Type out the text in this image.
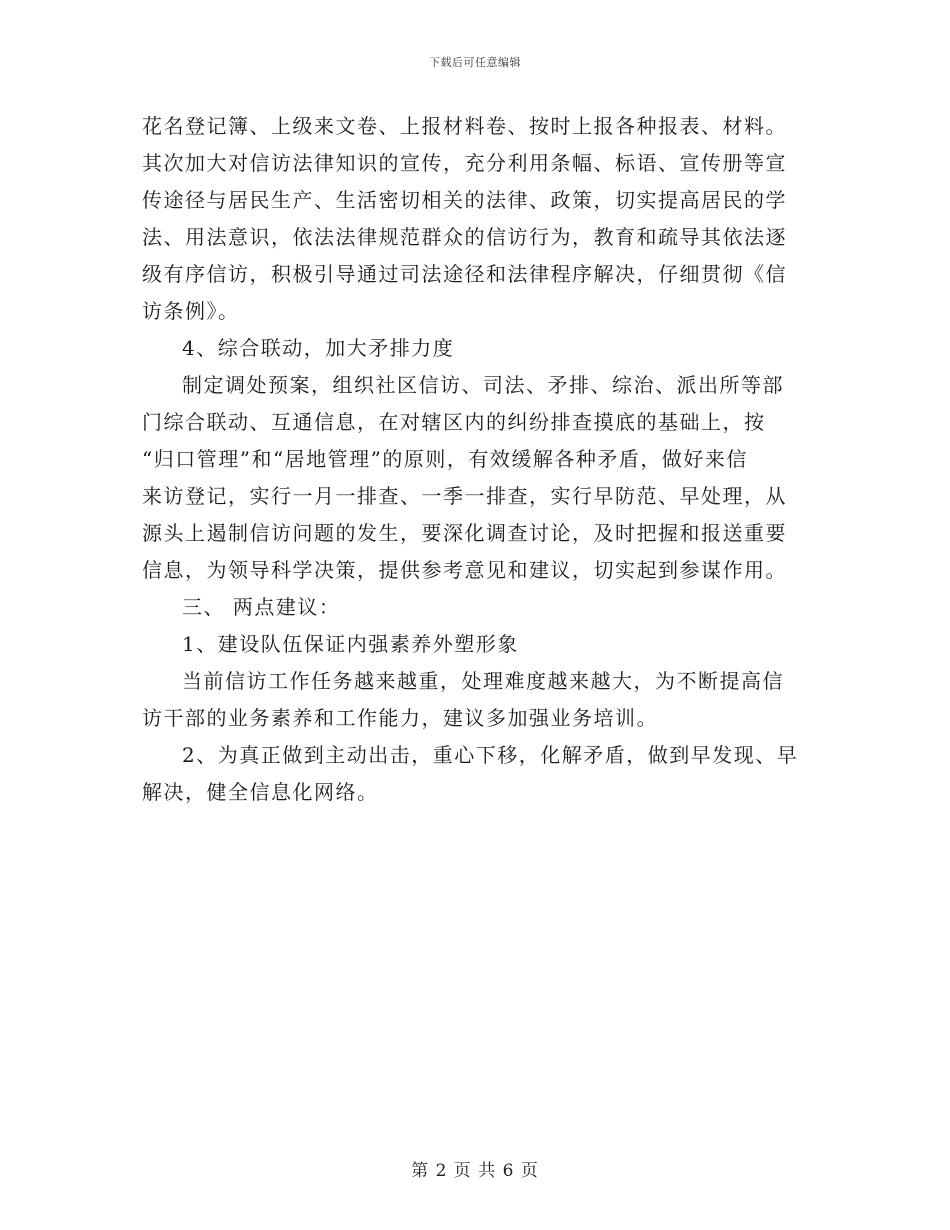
下载后可任意编辑
花名登记簿、上级来文卷、上报材料卷、按时上报各种报表、材料。
其次加大对信访法律知识的宣传，充分利用条幅、标语、宣传册等宣
传途径与居民生产、生活密切相关的法律、政策，切实提高居民的学
法、用法意识，依法法律规范群众的信访行为，教育和疏导其依法逐
级有序信访，积极引导通过司法途径和法律程序解决，仔细贯彻《信
访条例》。
4、综合联动，加大矛排力度
制定调处预案，组织社区信访、司法、矛排、综治、派出所等部
门综合联动、互通信息，在对辖区内的纠纷排查摸底的基础上，按
“归口管理”和“居地管理”的原则，有效缓解各种矛盾，做好来信
来访登记，实行一月一排查、一季一排查，实行早防范、早处理，从
源头上遏制信访问题的发生，要深化调查讨论，及时把握和报送重要
信息，为领导科学决策，提供参考意见和建议，切实起到参谋作用。
三、 两点建议：
1、建设队伍保证内强素养外塑形象
当前信访工作任务越来越重，处理难度越来越大，为不断提高信
访干部的业务素养和工作能力，建议多加强业务培训。
2、为真正做到主动出击，重心下移，化解矛盾，做到早发现、早
解决，健全信息化网络。
第 2 页 共 6 页
